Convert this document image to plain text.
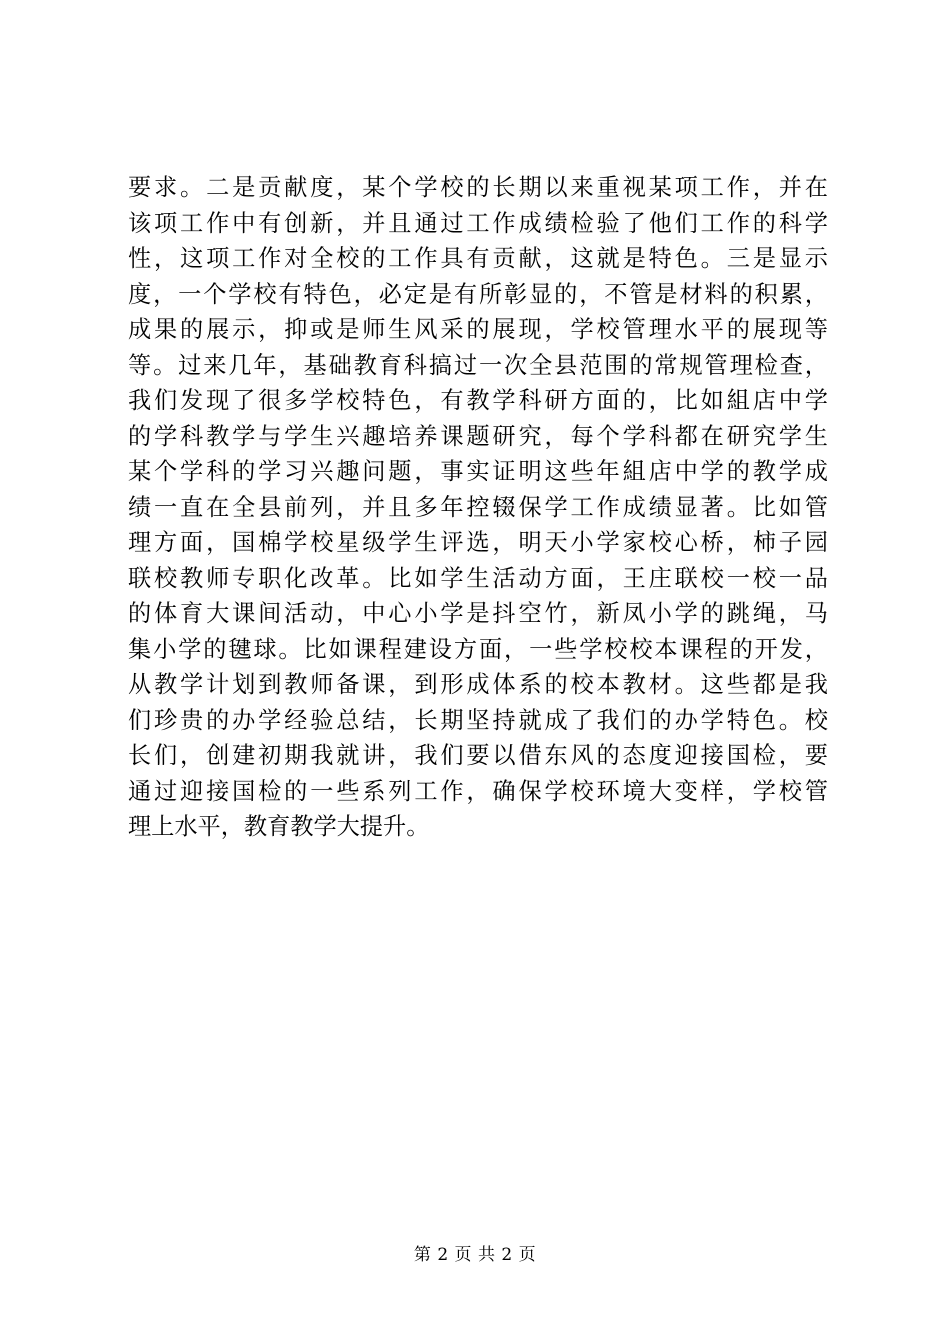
要求。二是贡献度，某个学校的长期以来重视某项工作，并在
该项工作中有创新，并且通过工作成绩检验了他们工作的科学
性，这项工作对全校的工作具有贡献，这就是特色。三是显示
度，一个学校有特色，必定是有所彰显的，不管是材料的积累，
成果的展示，抑或是师生风采的展现，学校管理水平的展现等
等。过来几年，基础教育科搞过一次全县范围的常规管理检查，
我们发现了很多学校特色，有教学科研方面的，比如組店中学
的学科教学与学生兴趣培养课题研究，每个学科都在研究学生
某个学科的学习兴趣问题，事实证明这些年組店中学的教学成
绩一直在全县前列，并且多年控辍保学工作成绩显著。比如管
理方面，国棉学校星级学生评选，明天小学家校心桥，柿子园
联校教师专职化改革。比如学生活动方面，王庄联校一校一品
的体育大课间活动，中心小学是抖空竹，新凤小学的跳绳，马
集小学的毽球。比如课程建设方面，一些学校校本课程的开发，
从教学计划到教师备课，到形成体系的校本教材。这些都是我
们珍贵的办学经验总结，长期坚持就成了我们的办学特色。校
长们，创建初期我就讲，我们要以借东风的态度迎接国检，要
通过迎接国检的一些系列工作，确保学校环境大变样，学校管
理上水平，教育教学大提升。
第 2 页 共 2 页
